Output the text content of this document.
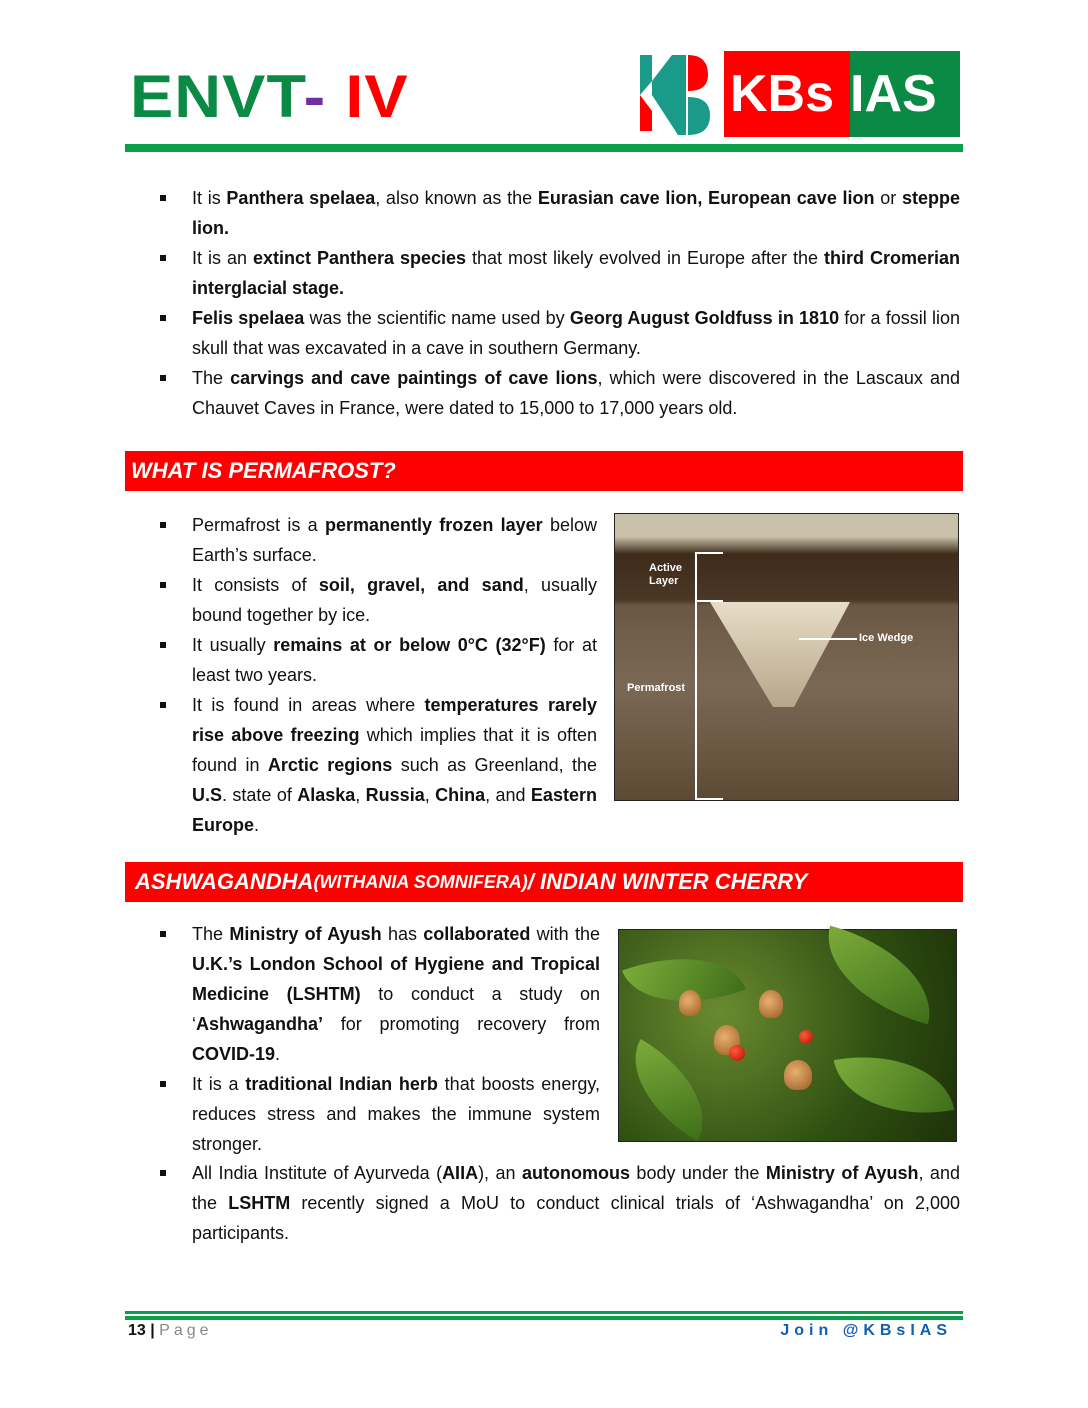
ENVT- IV	KBs IAS
It is Panthera spelaea, also known as the Eurasian cave lion, European cave lion or steppe lion.
It is an extinct Panthera species that most likely evolved in Europe after the third Cromerian interglacial stage.
Felis spelaea was the scientific name used by Georg August Goldfuss in 1810 for a fossil lion skull that was excavated in a cave in southern Germany.
The carvings and cave paintings of cave lions, which were discovered in the Lascaux and Chauvet Caves in France, were dated to 15,000 to 17,000 years old.
WHAT IS PERMAFROST?
Permafrost is a permanently frozen layer below Earth’s surface.
It consists of soil, gravel, and sand, usually bound together by ice.
It usually remains at or below 0°C (32°F) for at least two years.
It is found in areas where temperatures rarely rise above freezing which implies that it is often found in Arctic regions such as Greenland, the U.S. state of Alaska, Russia, China, and Eastern Europe.
Active Layer
Ice Wedge
Permafrost
ASHWAGANDHA (WITHANIA SOMNIFERA) / INDIAN WINTER CHERRY
The Ministry of Ayush has collaborated with the U.K.’s London School of Hygiene and Tropical Medicine (LSHTM) to conduct a study on ‘Ashwagandha’ for promoting recovery from COVID-19.
It is a traditional Indian herb that boosts energy, reduces stress and makes the immune system stronger.
All India Institute of Ayurveda (AIIA), an autonomous body under the Ministry of Ayush, and the LSHTM recently signed a MoU to conduct clinical trials of ‘Ashwagandha’ on 2,000 participants.
13 | Page	Join @KBsIAS
